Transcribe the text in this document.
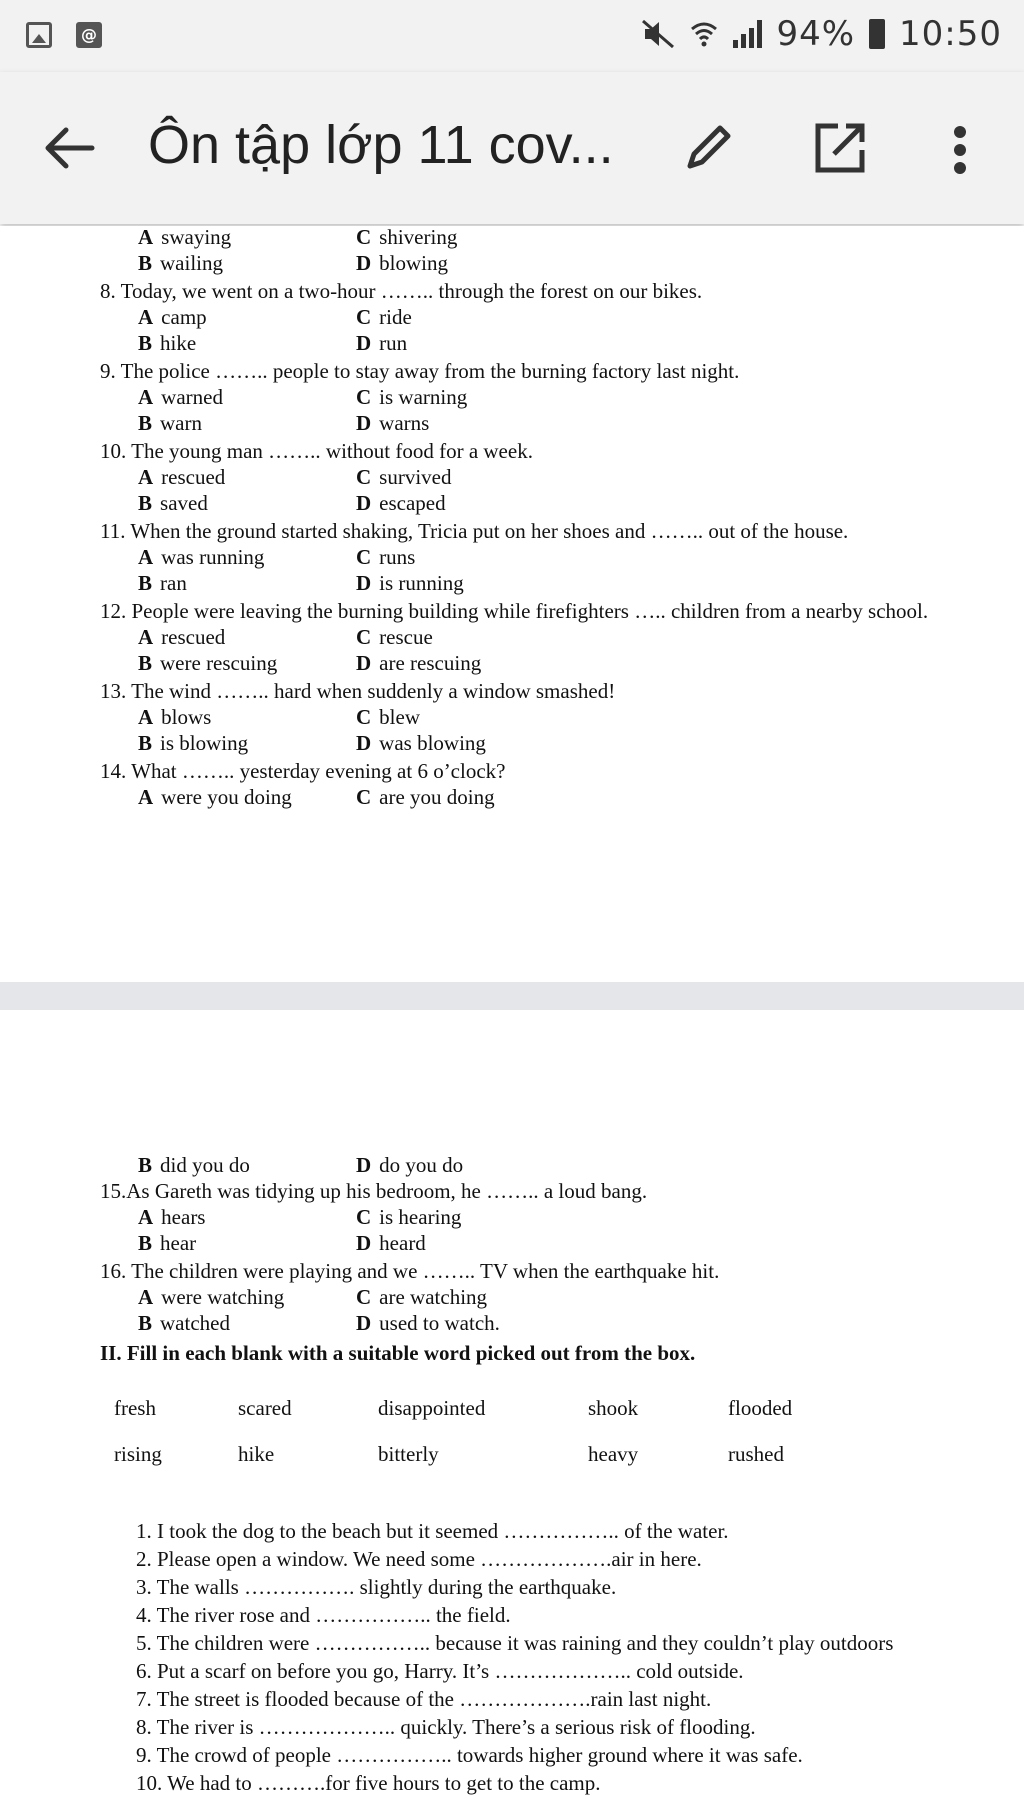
@	94% 10:50
Ôn tập lớp 11 cov...
A swaying	C shivering
B wailing	D blowing
8. Today, we went on a two-hour …….. through the forest on our bikes.
A camp	C ride
B hike	D run
9. The police …….. people to stay away from the burning factory last night.
A warned	C is warning
B warn	D warns
10. The young man …….. without food for a week.
A rescued	C survived
B saved	D escaped
11. When the ground started shaking, Tricia put on her shoes and …….. out of the house.
A was running	C runs
B ran	D is running
12. People were leaving the burning building while firefighters ….. children from a nearby school.
A rescued	C rescue
B were rescuing	D are rescuing
13. The wind …….. hard when suddenly a window smashed!
A blows	C blew
B is blowing	D was blowing
14. What …….. yesterday evening at 6 o’clock?
A were you doing	C are you doing
B did you do	D do you do
15.As Gareth was tidying up his bedroom, he …….. a loud bang.
A hears	C is hearing
B hear	D heard
16. The children were playing and we …….. TV when the earthquake hit.
A were watching	C are watching
B watched	D used to watch.
II. Fill in each blank with a suitable word picked out from the box.
fresh	scared	disappointed	shook	flooded
rising	hike	bitterly	heavy	rushed
1. I took the dog to the beach but it seemed …………….. of the water.
2. Please open a window. We need some ……………….air in here.
3. The walls ……………. slightly during the earthquake.
4. The river rose and …………….. the field.
5. The children were …………….. because it was raining and they couldn’t play outdoors
6. Put a scarf on before you go, Harry. It’s ……………….. cold outside.
7. The street is flooded because of the ……………….rain last night.
8. The river is ……………….. quickly. There’s a serious risk of flooding.
9. The crowd of people …………….. towards higher ground where it was safe.
10. We had to ……….for five hours to get to the camp.
